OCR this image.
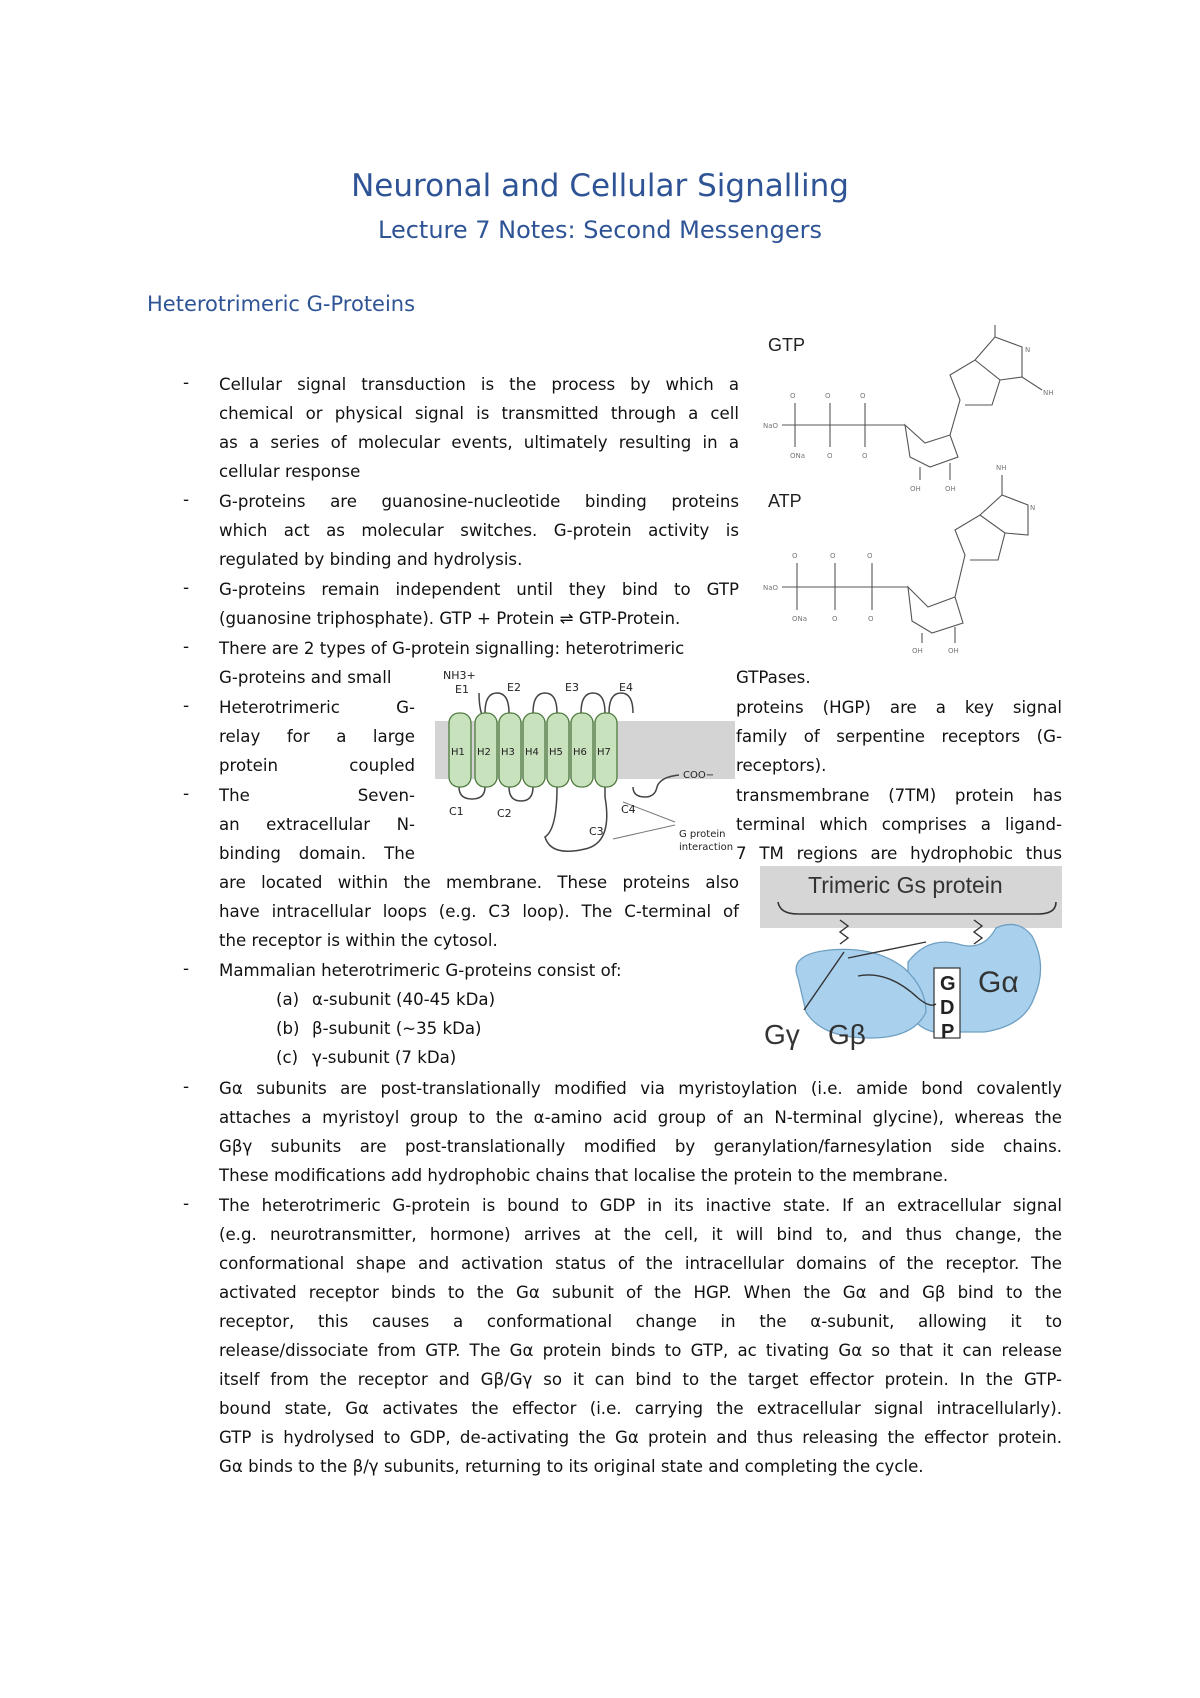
Neuronal and Cellular Signalling
Lecture 7 Notes: Second Messengers
Heterotrimeric G-Proteins
GTP
NaO
O	O	O
ONa	O	O
OH	OH
N
NH
ATP
NaO
O	O	O
ONa	O	O
OH	OH
N
NH
NH3+
E1	E2	E3	E4
H1 H2 H3 H4 H5 H6 H7
C1	C2
C3
C4
COO−
G protein
interaction
Trimeric Gs protein
Gα
Gγ Gβ
G
D
P
- Cellular signal transduction is the process by which a
chemical or physical signal is transmitted through a cell
as a series of molecular events, ultimately resulting in a
cellular response
- G-proteins are guanosine-nucleotide binding proteins
which act as molecular switches. G-protein activity is
regulated by binding and hydrolysis.
- G-proteins remain independent until they bind to GTP
(guanosine triphosphate). GTP + Protein ⇌ GTP-Protein.
- There are 2 types of G-protein signalling: heterotrimeric
G-proteins and small	GTPases.
- Heterotrimeric G-	proteins (HGP) are a key signal
relay for a large	family of serpentine receptors (G-
protein coupled	receptors).
- The Seven-	transmembrane (7TM) protein has
an extracellular N-	terminal which comprises a ligand-
binding domain. The	7 TM regions are hydrophobic thus
are located within the membrane. These proteins also
have intracellular loops (e.g. C3 loop). The C-terminal of
the receptor is within the cytosol.
- Mammalian heterotrimeric G-proteins consist of:
(a) α-subunit (40-45 kDa)
(b) β-subunit (~35 kDa)
(c) γ-subunit (7 kDa)
- Gα subunits are post-translationally modified via myristoylation (i.e. amide bond covalently
attaches a myristoyl group to the α-amino acid group of an N-terminal glycine), whereas the
Gβγ subunits are post-translationally modified by geranylation/farnesylation side chains.
These modifications add hydrophobic chains that localise the protein to the membrane.
- The heterotrimeric G-protein is bound to GDP in its inactive state. If an extracellular signal
(e.g. neurotransmitter, hormone) arrives at the cell, it will bind to, and thus change, the
conformational shape and activation status of the intracellular domains of the receptor. The
activated receptor binds to the Gα subunit of the HGP. When the Gα and Gβ bind to the
receptor, this causes a conformational change in the α-subunit, allowing it to
release/dissociate from GTP. The Gα protein binds to GTP, ac tivating Gα so that it can release
itself from the receptor and Gβ/Gγ so it can bind to the target effector protein. In the GTP-
bound state, Gα activates the effector (i.e. carrying the extracellular signal intracellularly).
GTP is hydrolysed to GDP, de-activating the Gα protein and thus releasing the effector protein.
Gα binds to the β/γ subunits, returning to its original state and completing the cycle.
